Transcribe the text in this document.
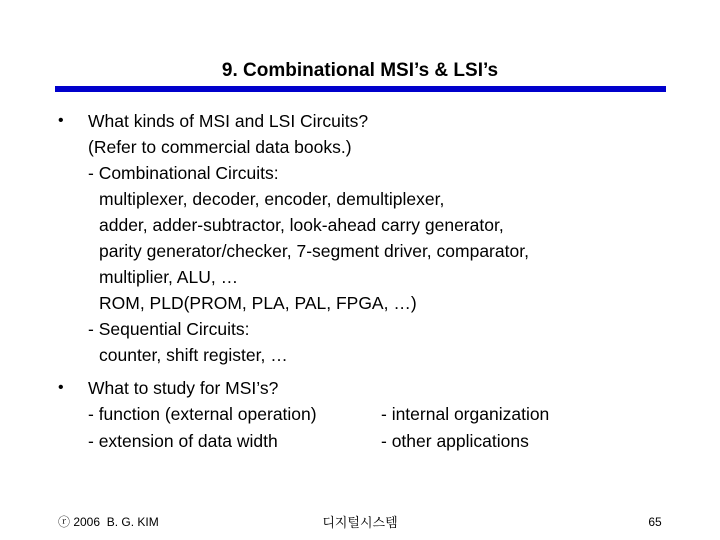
9. Combinational MSI’s & LSI’s
• What kinds of MSI and LSI Circuits?
(Refer to commercial data books.)
- Combinational Circuits:
multiplexer, decoder, encoder, demultiplexer,
adder, adder-subtractor, look-ahead carry generator,
parity generator/checker, 7-segment driver, comparator,
multiplier, ALU, …
ROM, PLD(PROM, PLA, PAL, FPGA, …)
- Sequential Circuits:
counter, shift register, …
• What to study for MSI’s?
- function (external operation)
- extension of data width
- internal organization
- other applications
ⓡ 2006  B. G. KIM	디지털시스템	65
